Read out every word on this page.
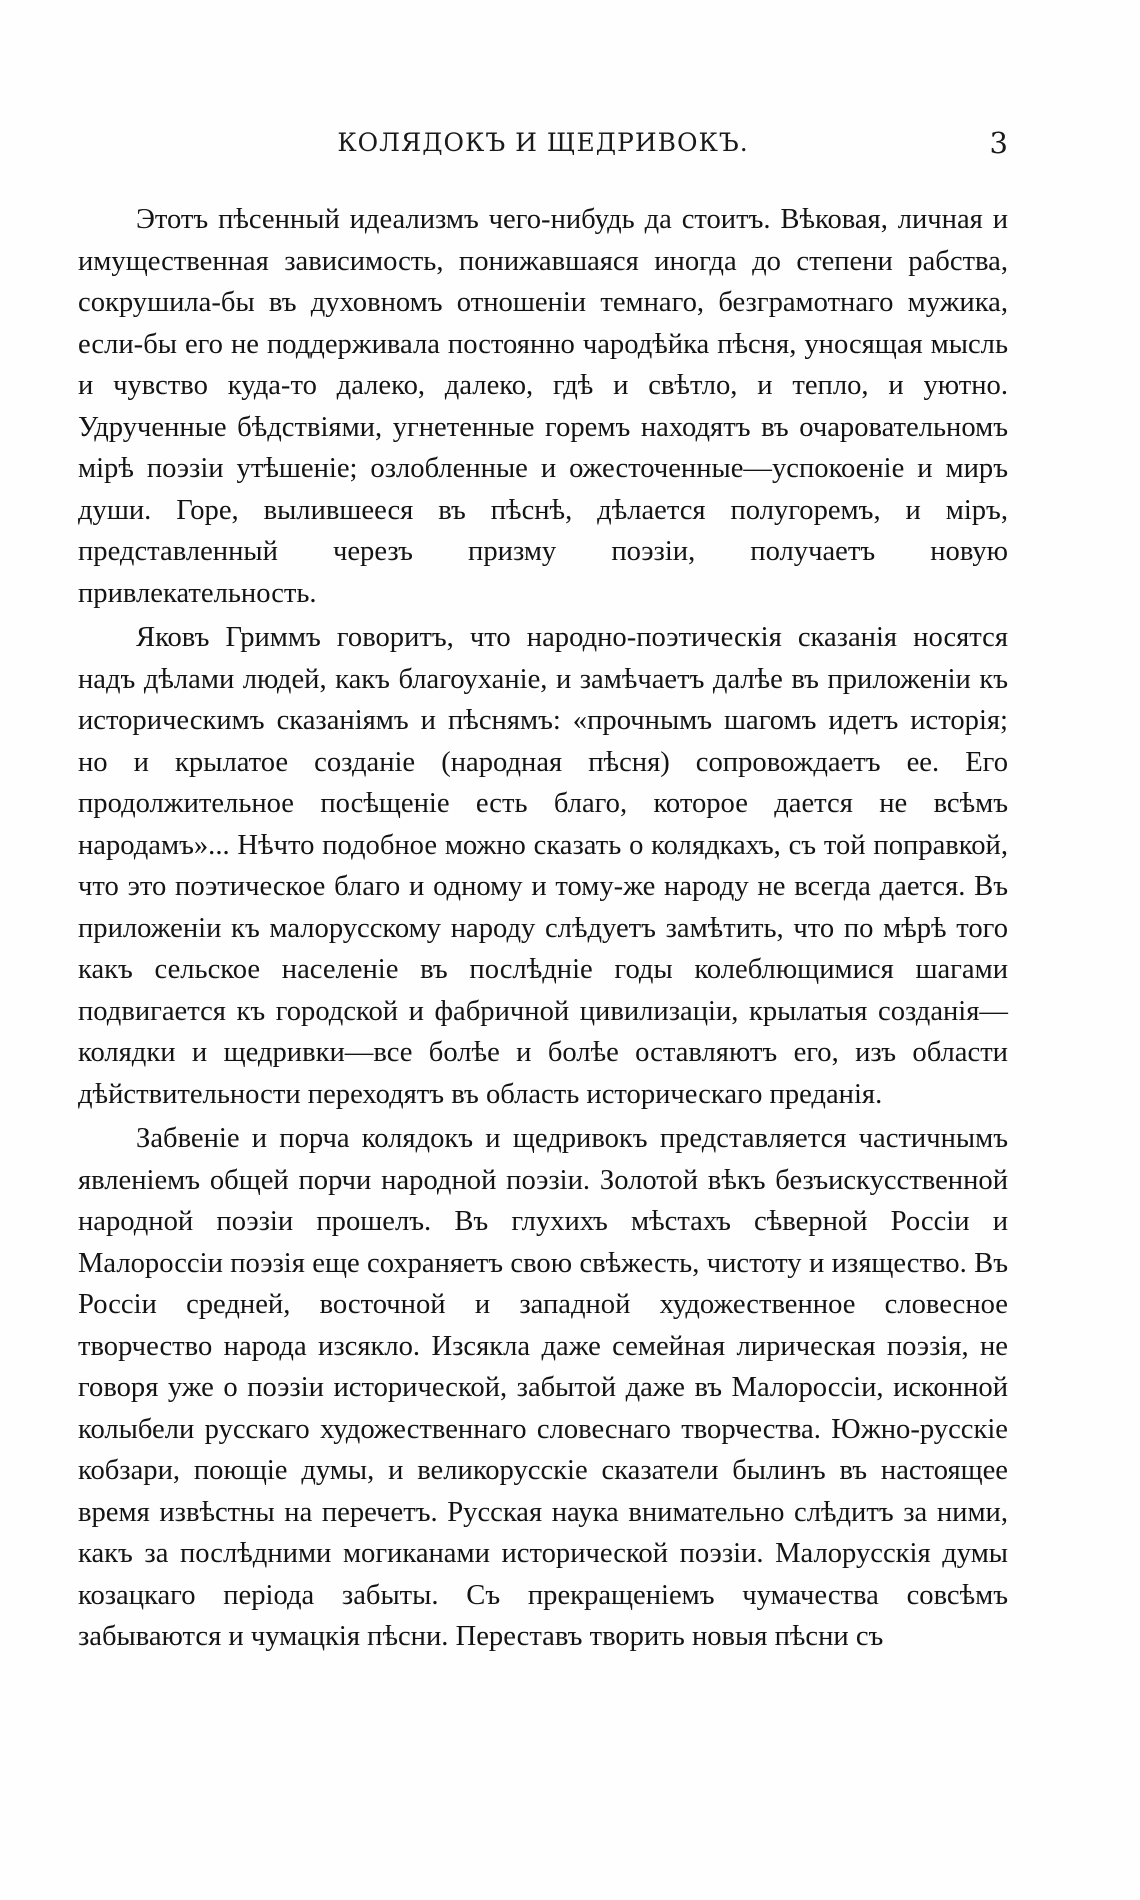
КОЛЯДОКЪ И ЩЕДРИВОКЪ.	3

Этотъ пѣсенный идеализмъ чего-нибудь да стоитъ. Вѣковая, личная и имущественная зависимость, понижавшаяся иногда до степени рабства, сокрушила-бы въ духовномъ отношеніи темнаго, безграмотнаго мужика, если-бы его не поддерживала постоянно чародѣйка пѣсня, уносящая мысль и чувство куда-то далеко, далеко, гдѣ и свѣтло, и тепло, и уютно. Удрученные бѣдствіями, угнетенные горемъ находятъ въ очаровательномъ мірѣ поэзіи утѣшеніе; озлобленные и ожесточенные—успокоеніе и миръ души. Горе, вылившееся въ пѣснѣ, дѣлается полугоремъ, и міръ, представленный черезъ призму поэзіи, получаетъ новую привлекательность.

Яковъ Гриммъ говоритъ, что народно-поэтическія сказанія носятся надъ дѣлами людей, какъ благоуханіе, и замѣчаетъ далѣе въ приложеніи къ историческимъ сказаніямъ и пѣснямъ: «прочнымъ шагомъ идетъ исторія; но и крылатое созданіе (народная пѣсня) сопровождаетъ ее. Его продолжительное посѣщеніе есть благо, которое дается не всѣмъ народамъ»... Нѣчто подобное можно сказать о колядкахъ, съ той поправкой, что это поэтическое благо и одному и тому-же народу не всегда дается. Въ приложеніи къ малорусскому народу слѣдуетъ замѣтить, что по мѣрѣ того какъ сельское населеніе въ послѣдніе годы колеблющимися шагами подвигается къ городской и фабричной цивилизаціи, крылатыя созданія—колядки и щедривки—все болѣе и болѣе оставляютъ его, изъ области дѣйствительности переходятъ въ область историческаго преданія.

Забвеніе и порча колядокъ и щедривокъ представляется частичнымъ явленіемъ общей порчи народной поэзіи. Золотой вѣкъ безъискусственной народной поэзіи прошелъ. Въ глухихъ мѣстахъ сѣверной Россіи и Малороссіи поэзія еще сохраняетъ свою свѣжесть, чистоту и изящество. Въ Россіи средней, восточной и западной художественное словесное творчество народа изсякло. Изсякла даже семейная лирическая поэзія, не говоря уже о поэзіи исторической, забытой даже въ Малороссіи, исконной колыбели русскаго художественнаго словеснаго творчества. Южно-русскіе кобзари, поющіе думы, и великорусскіе сказатели былинъ въ настоящее время извѣстны на перечетъ. Русская наука внимательно слѣдитъ за ними, какъ за послѣдними могиканами исторической поэзіи. Малорусскія думы козацкаго періода забыты. Съ прекращеніемъ чумачества совсѣмъ забываются и чумацкія пѣсни. Переставъ творить новыя пѣсни съ
